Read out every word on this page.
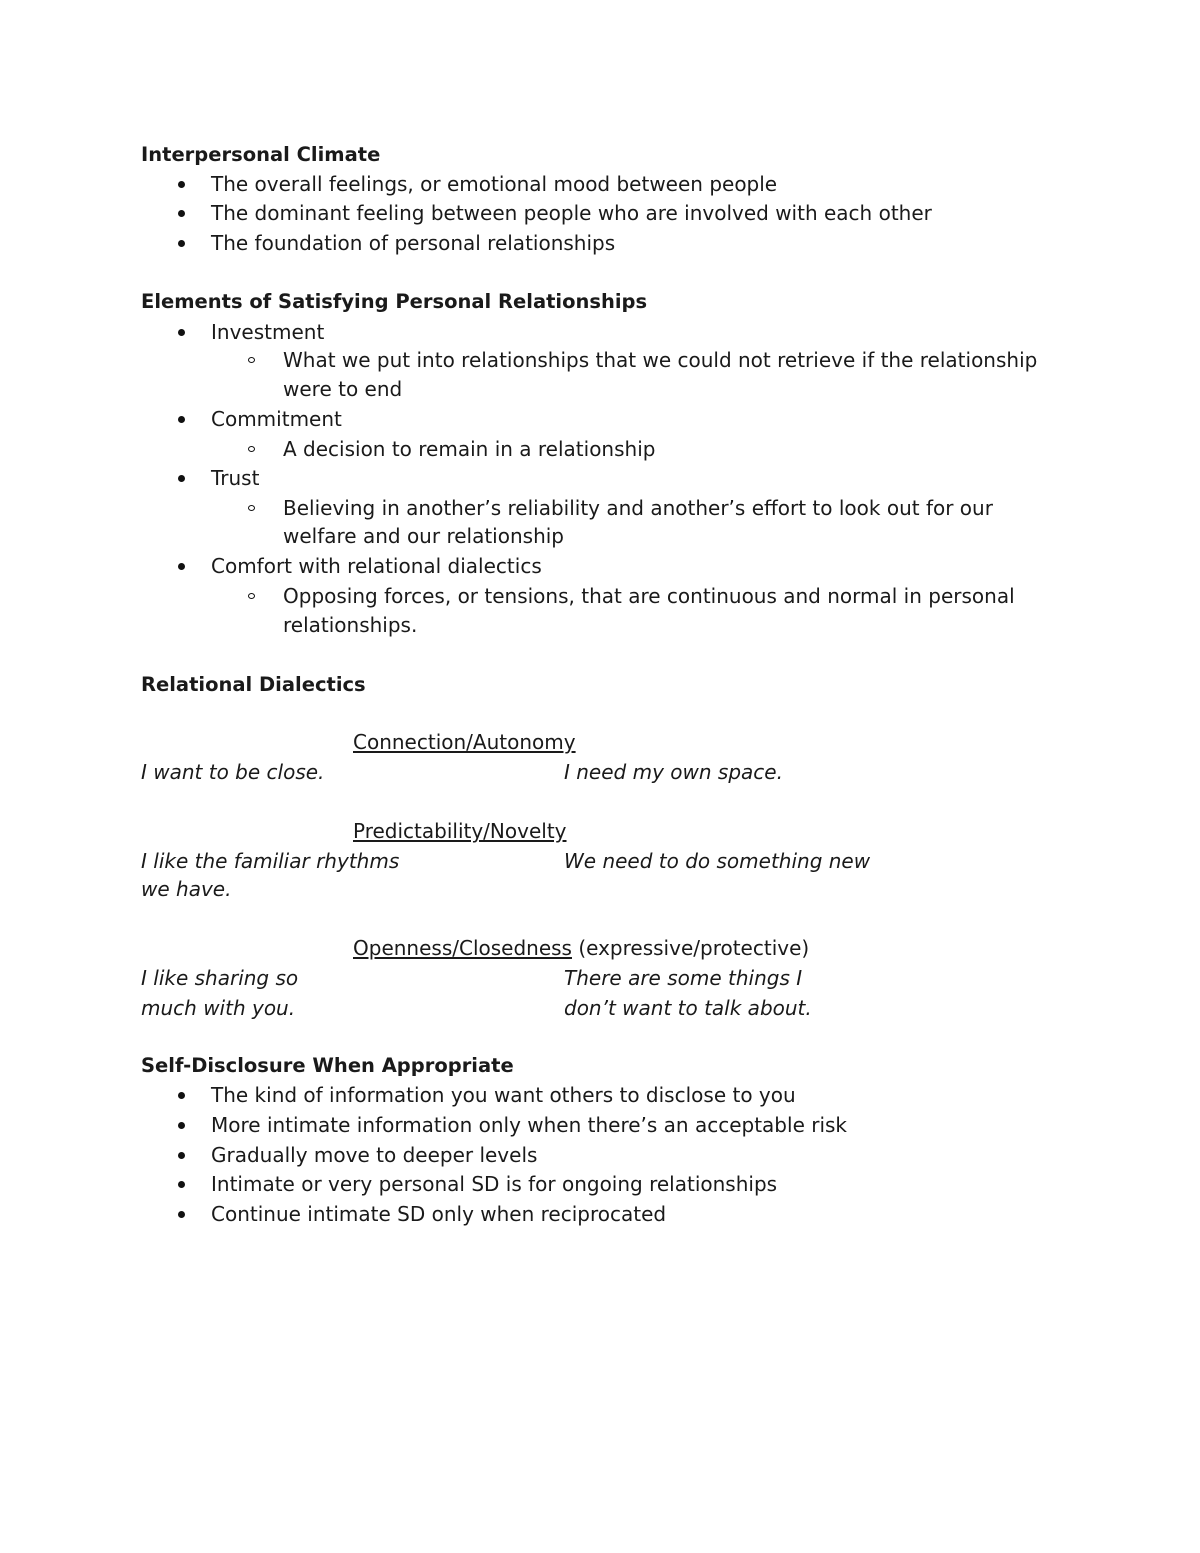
Interpersonal Climate
The overall feelings, or emotional mood between people
The dominant feeling between people who are involved with each other
The foundation of personal relationships
Elements of Satisfying Personal Relationships
Investment
What we put into relationships that we could not retrieve if the relationship
were to end
Commitment
A decision to remain in a relationship
Trust
Believing in another’s reliability and another’s effort to look out for our
welfare and our relationship
Comfort with relational dialectics
Opposing forces, or tensions, that are continuous and normal in personal
relationships.
Relational Dialectics
Connection/Autonomy
I want to be close.	I need my own space.
Predictability/Novelty
I like the familiar rhythms	We need to do something new
we have.
Openness/Closedness (expressive/protective)
I like sharing so	There are some things I
much with you.	don’t want to talk about.
Self-Disclosure When Appropriate
The kind of information you want others to disclose to you
More intimate information only when there’s an acceptable risk
Gradually move to deeper levels
Intimate or very personal SD is for ongoing relationships
Continue intimate SD only when reciprocated
